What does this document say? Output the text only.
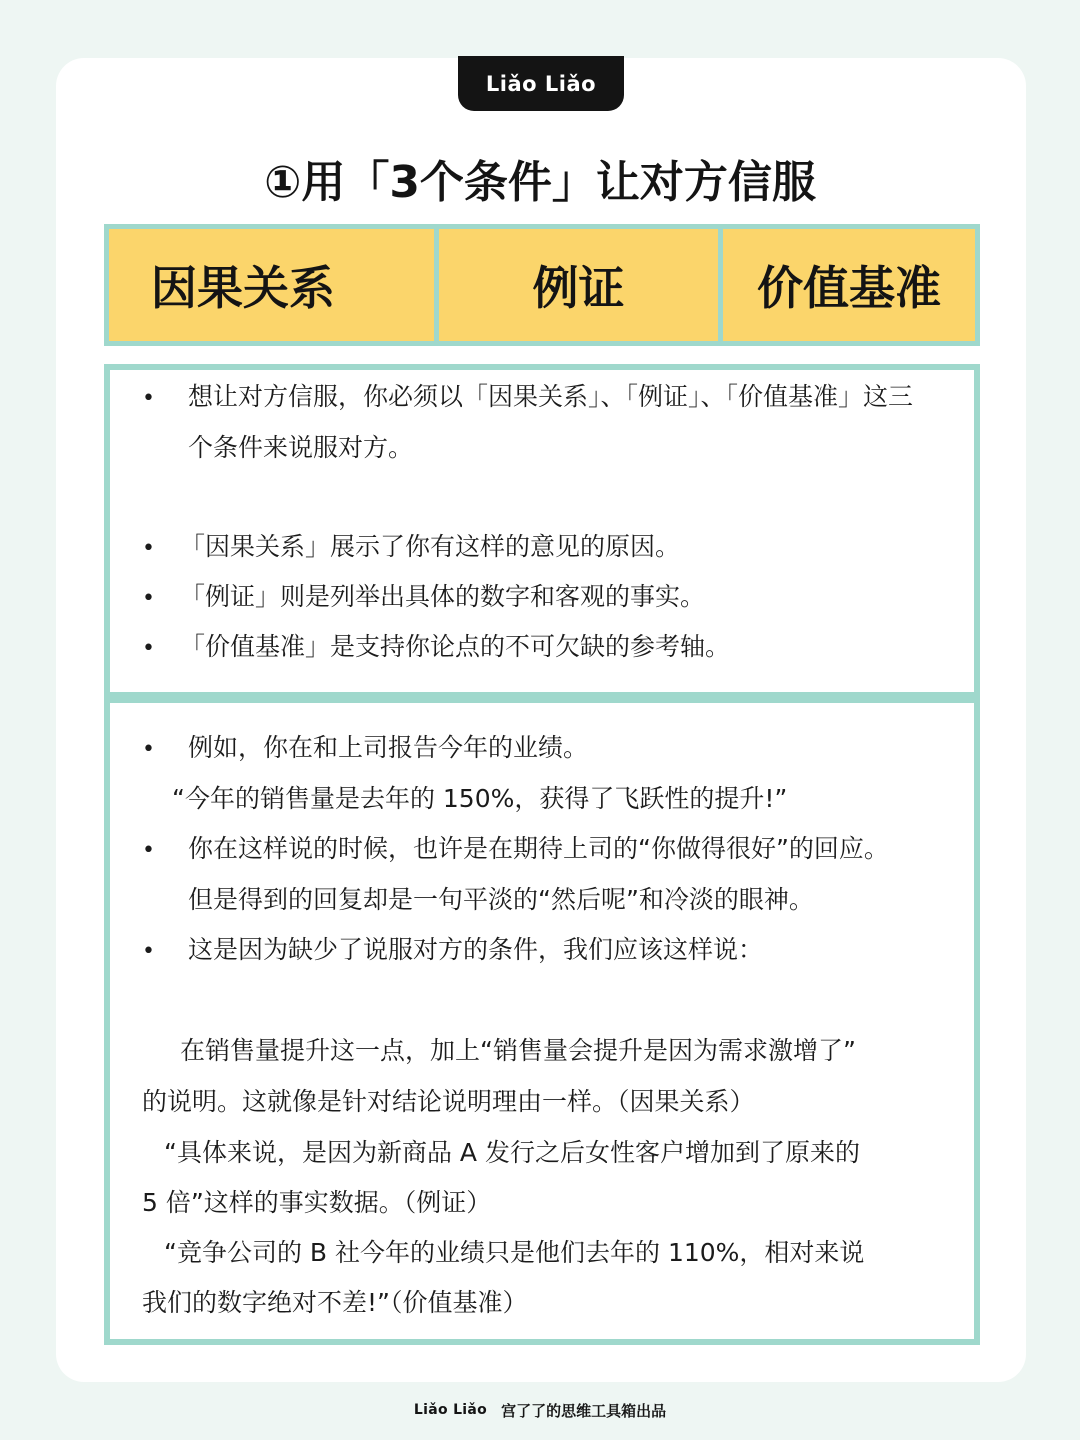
Liǎo Liǎo
①用「3个条件」让对方信服
因果关系	例证	价值基准
• 想让对方信服，你必须以「因果关系」、「例证」、「价值基准」这三
个条件来说服对方。
• 「因果关系」展示了你有这样的意见的原因。
• 「例证」则是列举出具体的数字和客观的事实。
• 「价值基准」是支持你论点的不可欠缺的参考轴。
• 例如，你在和上司报告今年的业绩。
“今年的销售量是去年的 150%，获得了飞跃性的提升!”
• 你在这样说的时候，也许是在期待上司的“你做得很好”的回应。
但是得到的回复却是一句平淡的“然后呢”和冷淡的眼神。
• 这是因为缺少了说服对方的条件，我们应该这样说：
在销售量提升这一点，加上“销售量会提升是因为需求激增了”
的说明。这就像是针对结论说明理由一样。（因果关系）
“具体来说，是因为新商品 A 发行之后女性客户增加到了原来的
5 倍”这样的事实数据。（例证）
“竞争公司的 B 社今年的业绩只是他们去年的 110%，相对来说
我们的数字绝对不差!”（价值基准）
Liǎo Liǎo 宫了了的思维工具箱出品
